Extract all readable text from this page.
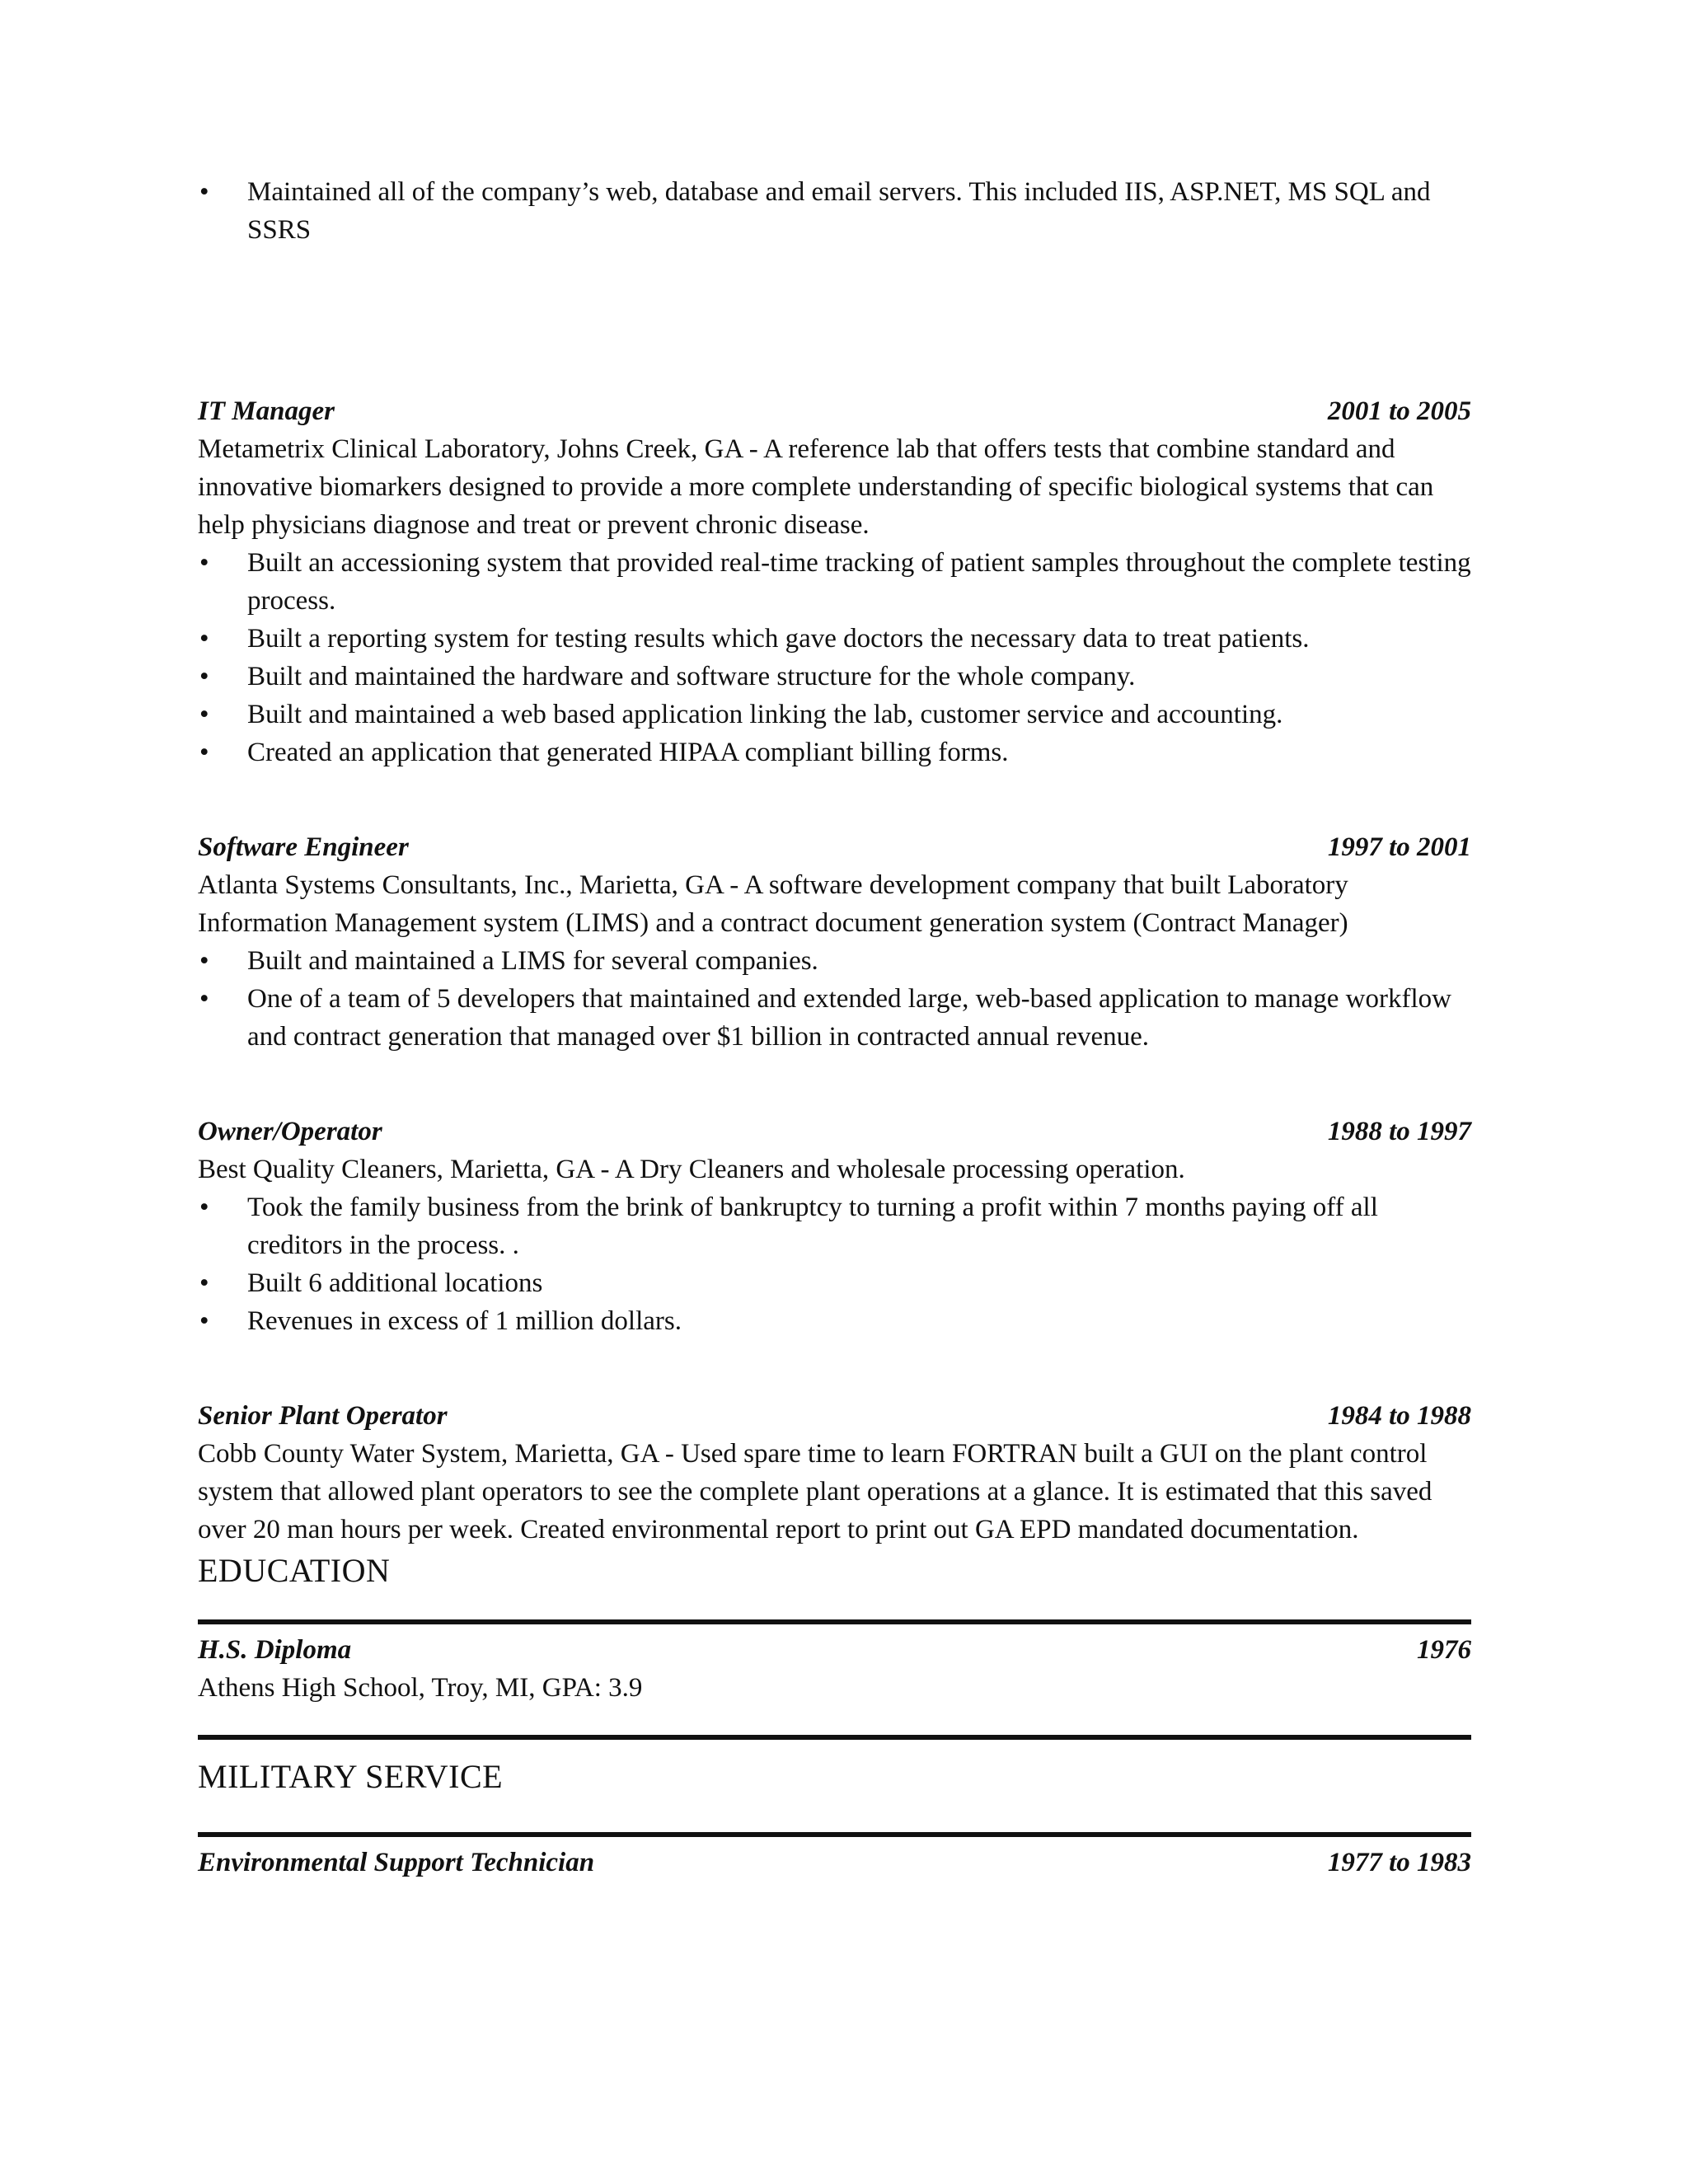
• Maintained all of the company’s web, database and email servers. This included IIS, ASP.NET, MS SQL and SSRS
IT Manager	2001 to 2005
Metametrix Clinical Laboratory, Johns Creek, GA - A reference lab that offers tests that combine standard and innovative biomarkers designed to provide a more complete understanding of specific biological systems that can help physicians diagnose and treat or prevent chronic disease.
• Built an accessioning system that provided real-time tracking of patient samples throughout the complete testing process.
• Built a reporting system for testing results which gave doctors the necessary data to treat patients.
• Built and maintained the hardware and software structure for the whole company.
• Built and maintained a web based application linking the lab, customer service and accounting.
• Created an application that generated HIPAA compliant billing forms.
Software Engineer	1997 to 2001
Atlanta Systems Consultants, Inc., Marietta, GA - A software development company that built Laboratory Information Management system (LIMS) and a contract document generation system (Contract Manager)
• Built and maintained a LIMS for several companies.
• One of a team of 5 developers that maintained and extended large, web-based application to manage workflow and contract generation that managed over $1 billion in contracted annual revenue.
Owner/Operator	1988 to 1997
Best Quality Cleaners, Marietta, GA - A Dry Cleaners and wholesale processing operation.
• Took the family business from the brink of bankruptcy to turning a profit within 7 months paying off all creditors in the process. .
• Built 6 additional locations
• Revenues in excess of 1 million dollars.
Senior Plant Operator	1984 to 1988
Cobb County Water System, Marietta, GA - Used spare time to learn FORTRAN built a GUI on the plant control system that allowed plant operators to see the complete plant operations at a glance. It is estimated that this saved over 20 man hours per week. Created environmental report to print out GA EPD mandated documentation.
EDUCATION
H.S. Diploma	1976
Athens High School, Troy, MI, GPA: 3.9
MILITARY SERVICE
Environmental Support Technician	1977 to 1983
